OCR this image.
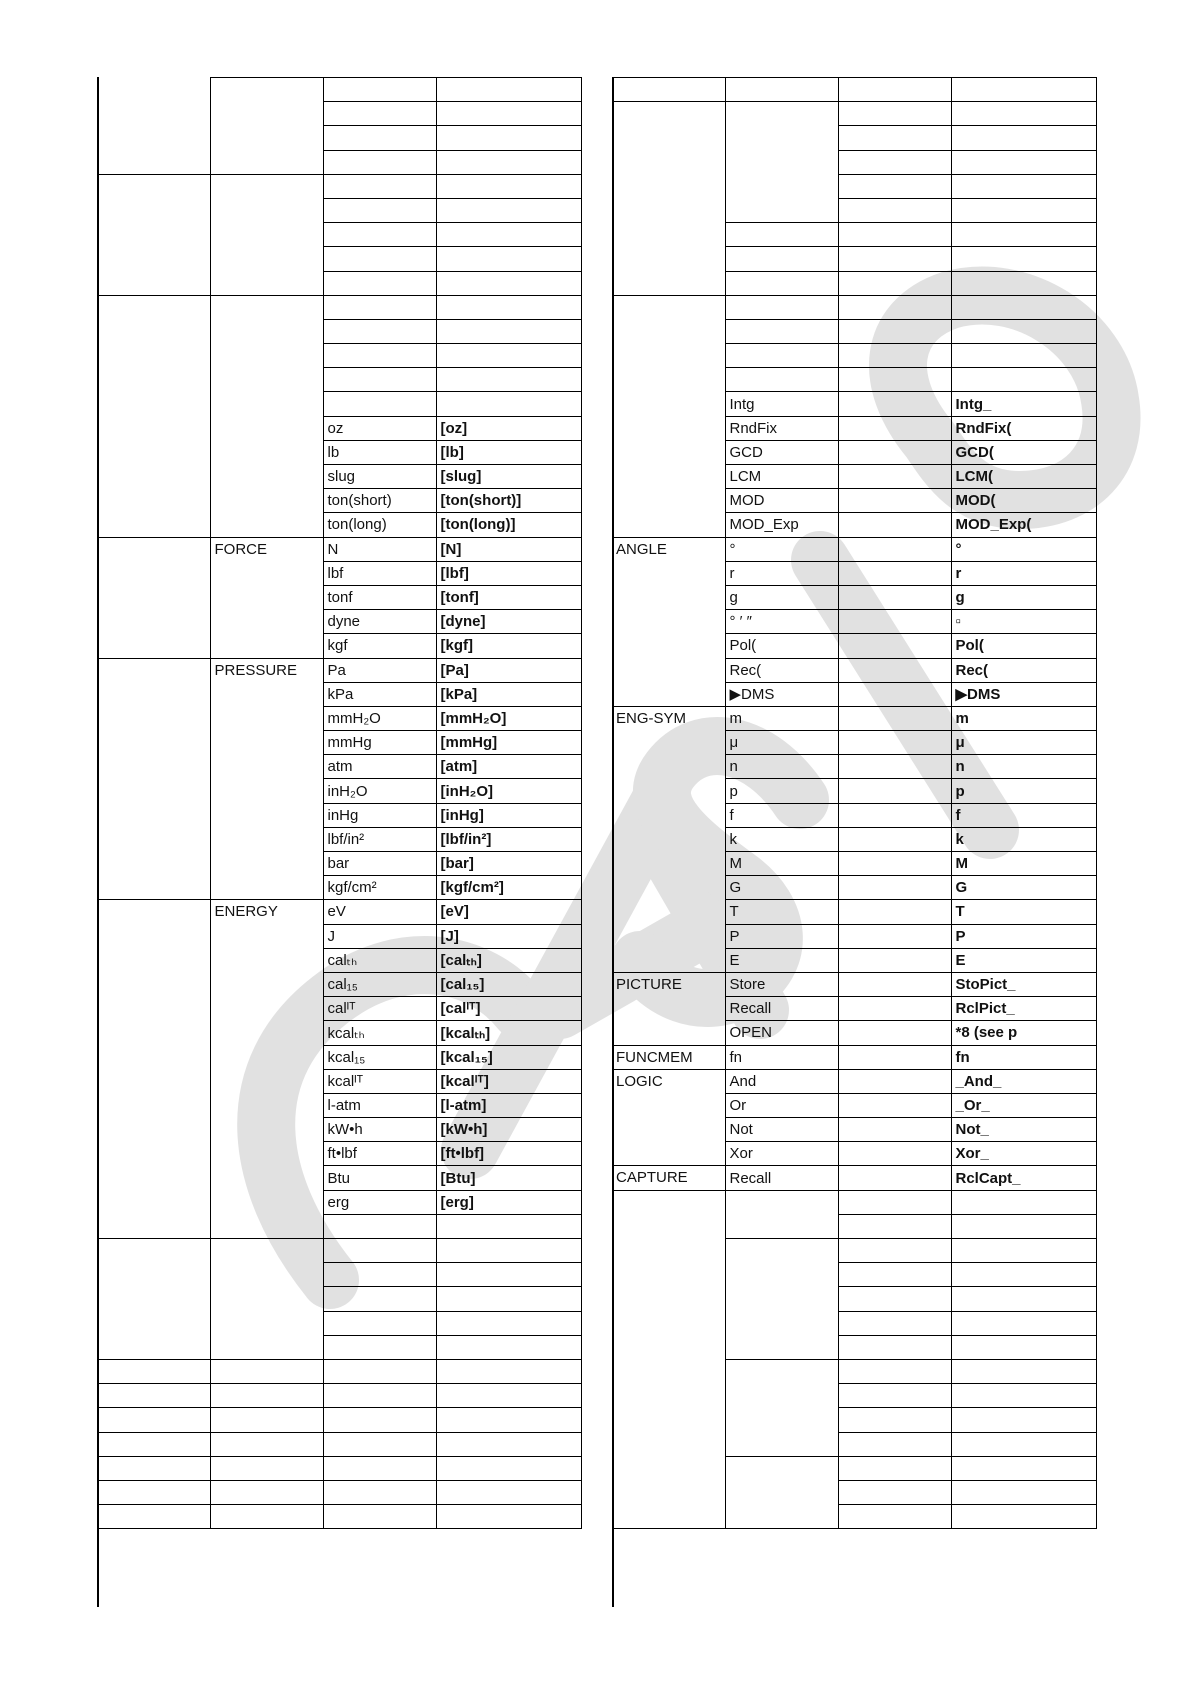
		oz	[oz]
		lb	[lb]
		slug	[slug]
		ton(short)	[ton(short)]
		ton(long)	[ton(long)]
	FORCE	N	[N]
		lbf	[lbf]
		tonf	[tonf]
		dyne	[dyne]
		kgf	[kgf]
	PRESSURE	Pa	[Pa]
		kPa	[kPa]
		mmH₂O	[mmH₂O]
		mmHg	[mmHg]
		atm	[atm]
		inH₂O	[inH₂O]
		inHg	[inHg]
		lbf/in²	[lbf/in²]
		bar	[bar]
		kgf/cm²	[kgf/cm²]
	ENERGY	eV	[eV]
		J	[J]
		calₜₕ	[calₜₕ]
		cal₁₅	[cal₁₅]
		calᴵᵀ	[calᴵᵀ]
		kcalₜₕ	[kcalₜₕ]
		kcal₁₅	[kcal₁₅]
		kcalᴵᵀ	[kcalᴵᵀ]
		l-atm	[l-atm]
		kW•h	[kW•h]
		ft•lbf	[ft•lbf]
		Btu	[Btu]
		erg	[erg]

	Intg		Intg_
	RndFix		RndFix(
	GCD		GCD(
	LCM		LCM(
	MOD		MOD(
	MOD_Exp		MOD_Exp(
ANGLE	°		°
	r		r
	g		g
	° ′ ″		▫
	Pol(		Pol(
	Rec(		Rec(
	▶DMS		▶DMS
ENG-SYM	m		m
	μ		μ
	n		n
	p		p
	f		f
	k		k
	M		M
	G		G
	T		T
	P		P
	E		E
PICTURE	Store		StoPict_
	Recall		RclPict_
	OPEN		*8 (see p
FUNCMEM	fn		fn
LOGIC	And		_And_
	Or		_Or_
	Not		Not_
	Xor		Xor_
CAPTURE	Recall		RclCapt_
